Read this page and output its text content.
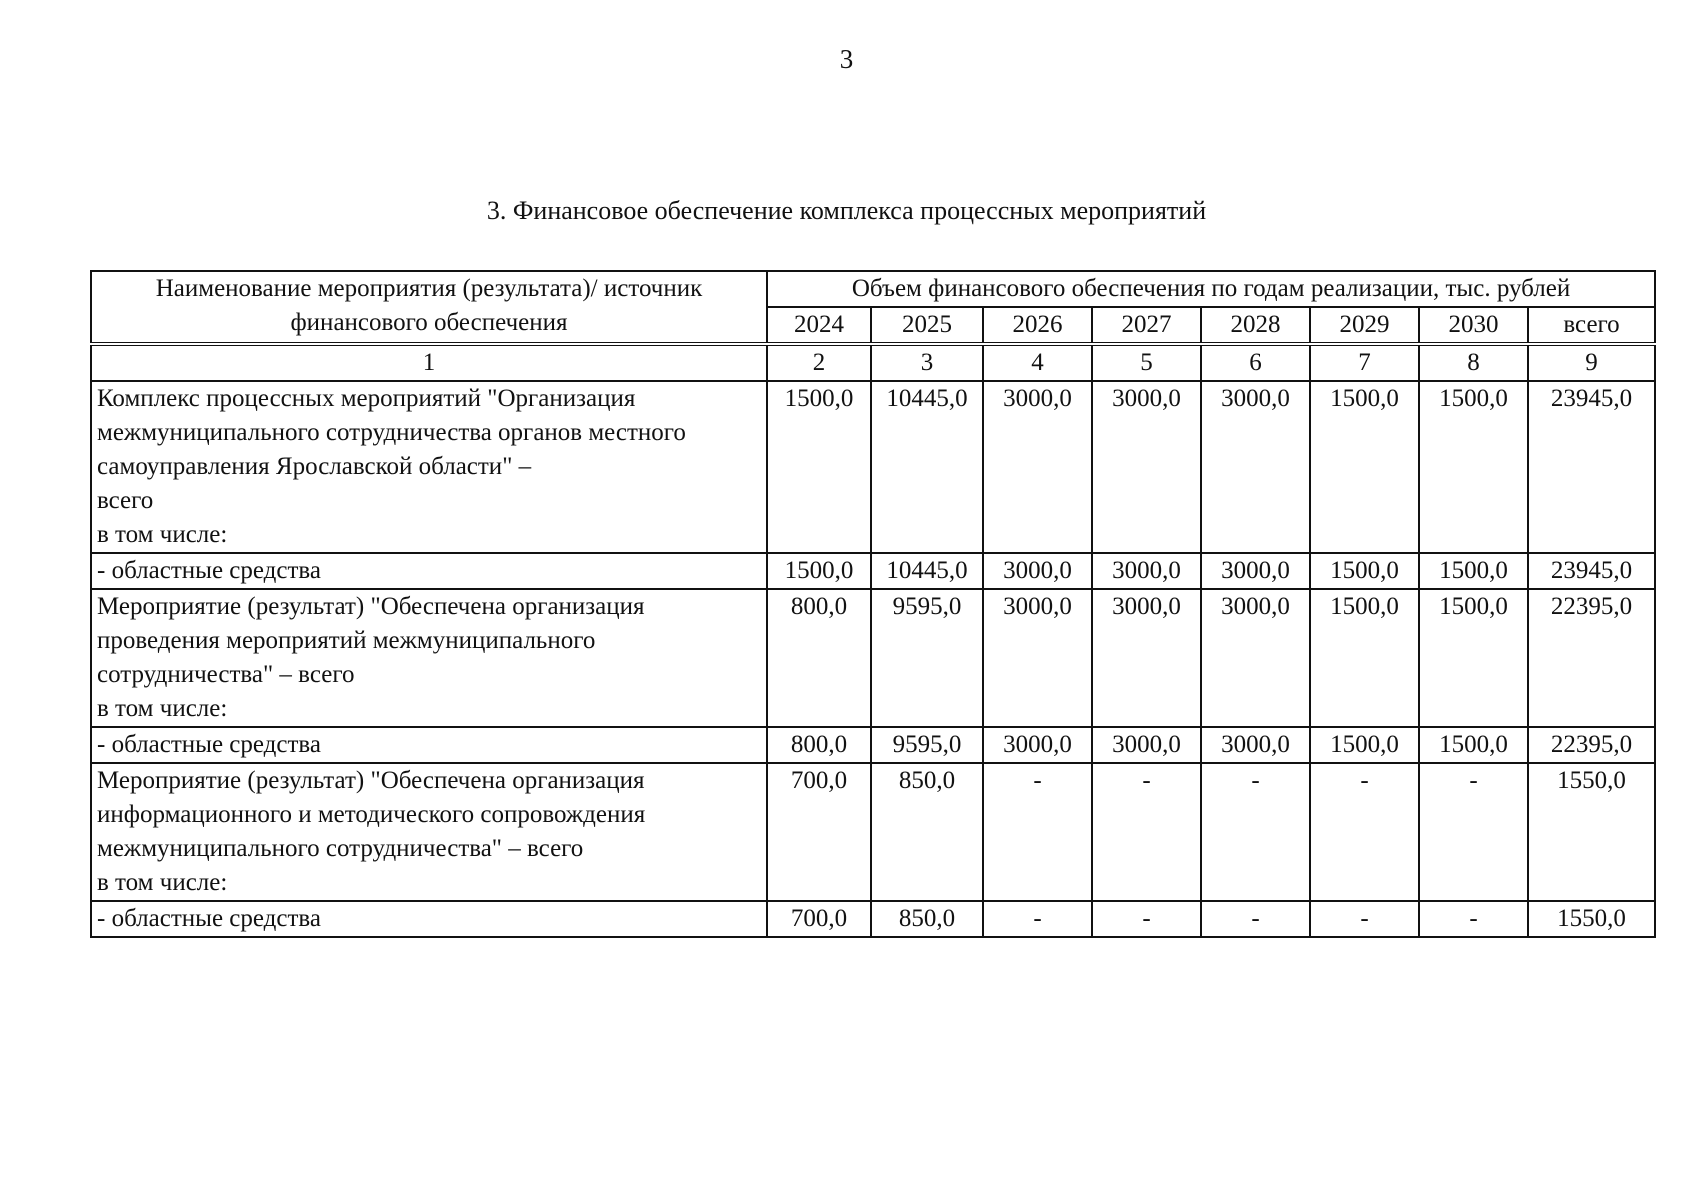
3
3. Финансовое обеспечение комплекса процессных мероприятий
Наименование мероприятия (результата)/ источник финансового обеспечения	Объем финансового обеспечения по годам реализации, тыс. рублей							
	2024	2025	2026	2027	2028	2029	2030	всего
1	2	3	4	5	6	7	8	9
Комплекс процессных мероприятий "Организация межмуниципального сотрудничества органов местного самоуправления Ярославской области" –
всего
в том числе:	1500,0	10445,0	3000,0	3000,0	3000,0	1500,0	1500,0	23945,0
- областные средства	1500,0	10445,0	3000,0	3000,0	3000,0	1500,0	1500,0	23945,0
Мероприятие (результат) "Обеспечена организация проведения мероприятий межмуниципального сотрудничества" – всего
в том числе:	800,0	9595,0	3000,0	3000,0	3000,0	1500,0	1500,0	22395,0
- областные средства	800,0	9595,0	3000,0	3000,0	3000,0	1500,0	1500,0	22395,0
Мероприятие (результат) "Обеспечена организация информационного и методического сопровождения межмуниципального сотрудничества" – всего
в том числе:	700,0	850,0	-	-	-	-	-	1550,0
- областные средства	700,0	850,0	-	-	-	-	-	1550,0
